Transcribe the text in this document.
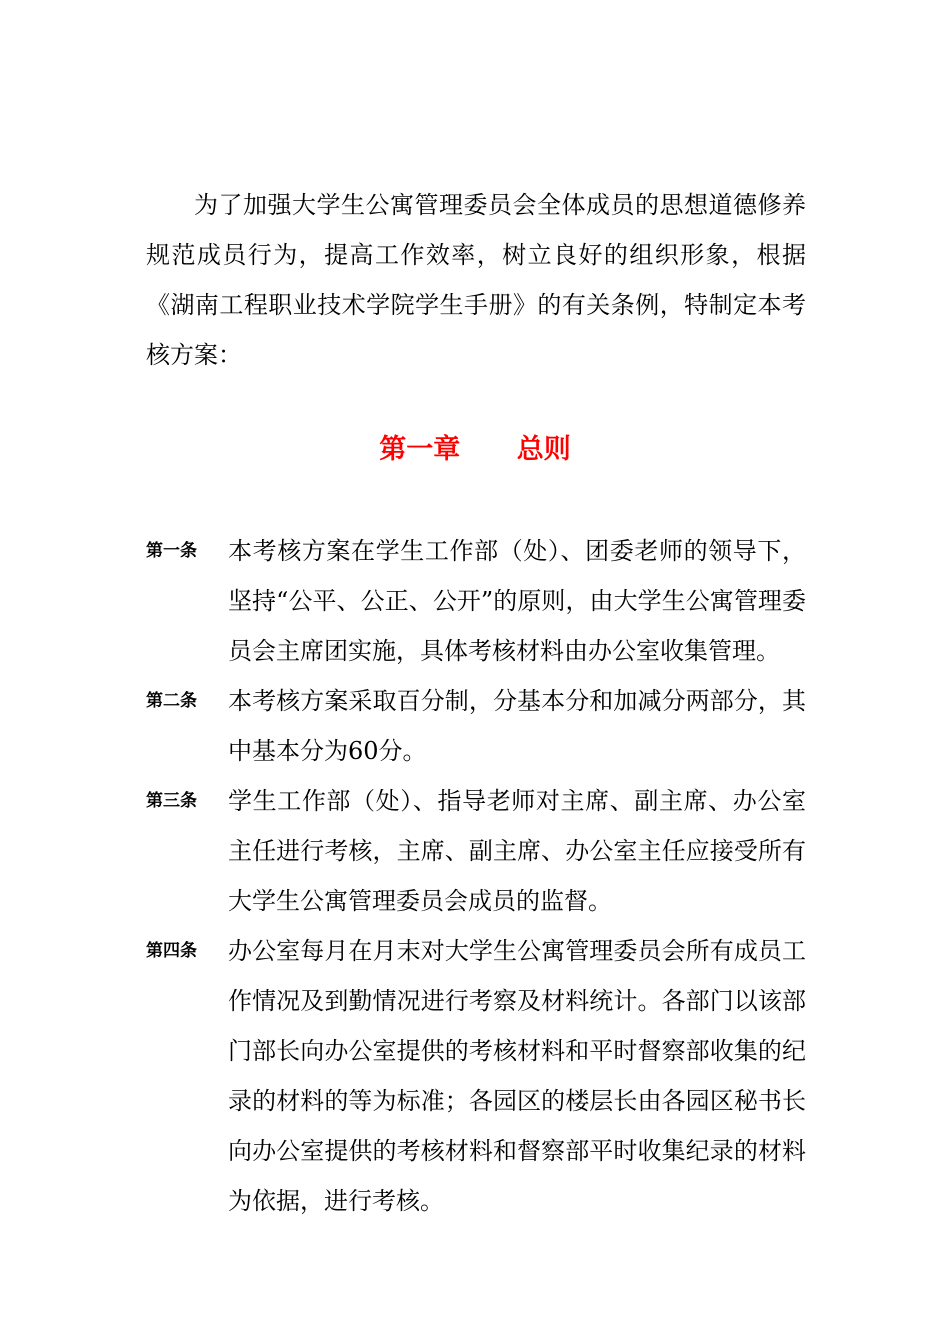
为了加强大学生公寓管理委员会全体成员的思想道德修养规范成员行为，提高工作效率，树立良好的组织形象，根据《湖南工程职业技术学院学生手册》的有关条例，特制定本考核方案：

第一章      总则
第一条	本考核方案在学生工作部（处）、团委老师的领导下，坚持“公平、公正、公开”的原则，由大学生公寓管理委员会主席团实施，具体考核材料由办公室收集管理。

第二条	本考核方案采取百分制，分基本分和加减分两部分，其中基本分为60分。

第三条	学生工作部（处）、指导老师对主席、副主席、办公室主任进行考核，主席、副主席、办公室主任应接受所有大学生公寓管理委员会成员的监督。

第四条	办公室每月在月末对大学生公寓管理委员会所有成员工作情况及到勤情况进行考察及材料统计。各部门以该部门部长向办公室提供的考核材料和平时督察部收集的纪录的材料的等为标准；各园区的楼层长由各园区秘书长向办公室提供的考核材料和督察部平时收集纪录的材料为依据，进行考核。
